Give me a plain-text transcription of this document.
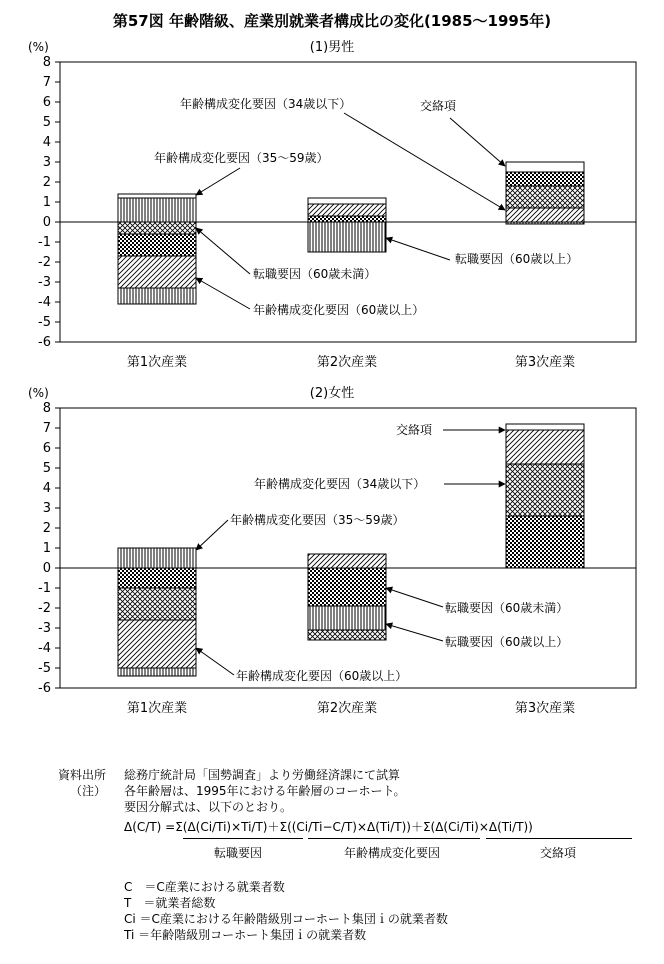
第57図 年齢階級、産業別就業者構成比の変化(1985～1995年)
(1)男性
(%)
8
7
6
5
4
3
2
1
0
-1
-2
-3
-4
-5
-6
第1次産業	第2次産業	第3次産業
年齢構成変化要因（34歳以下）	交絡項
年齢構成変化要因（35～59歳）
転職要因（60歳以上）
転職要因（60歳未満）
年齢構成変化要因（60歳以上）
(2)女性
(%)
8
7
6
5
4
3
2
1
0
-1
-2
-3
-4
-5
-6
第1次産業	第2次産業	第3次産業
交絡項
年齢構成変化要因（34歳以下）
年齢構成変化要因（35～59歳）
転職要因（60歳未満）
転職要因（60歳以上）
年齢構成変化要因（60歳以上）

資料出所 総務庁統計局「国勢調査」より労働経済課にて試算

（注） 各年齢層は、1995年における年齢層のコーホート。

要因分解式は、以下のとおり。

Δ(C/T) =Σ(Δ(Ci/Ti)×Ti/T)＋Σ((Ci/Ti−C/T)×Δ(Ti/T))＋Σ(Δ(Ci/Ti)×Δ(Ti/T))

転職要因	年齢構成変化要因	交絡項

C　＝C産業における就業者数

T　＝就業者総数

Ci ＝C産業における年齢階級別コーホート集団ｉの就業者数

Ti ＝年齢階級別コーホート集団ｉの就業者数
